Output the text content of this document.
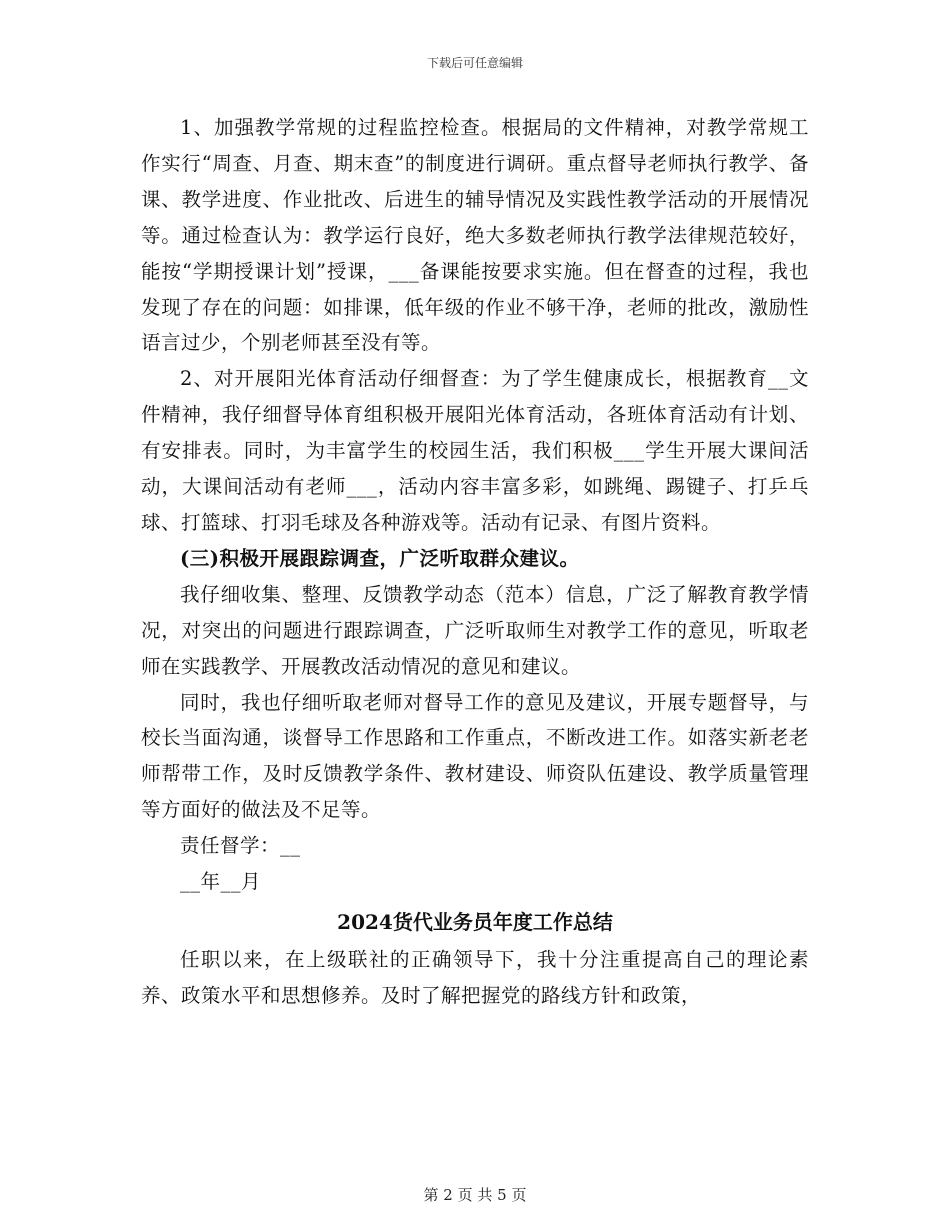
下载后可任意编辑

1、加强教学常规的过程监控检查。根据局的文件精神，对教学常规工作实行“周查、月查、期末查”的制度进行调研。重点督导老师执行教学、备课、教学进度、作业批改、后进生的辅导情况及实践性教学活动的开展情况等。通过检查认为：教学运行良好，绝大多数老师执行教学法律规范较好，能按“学期授课计划”授课，___备课能按要求实施。但在督查的过程，我也发现了存在的问题：如排课，低年级的作业不够干净，老师的批改，激励性语言过少，个别老师甚至没有等。

2、对开展阳光体育活动仔细督查：为了学生健康成长，根据教育__文件精神，我仔细督导体育组积极开展阳光体育活动，各班体育活动有计划、有安排表。同时，为丰富学生的校园生活，我们积极___学生开展大课间活动，大课间活动有老师___，活动内容丰富多彩，如跳绳、踢键子、打乒乓球、打篮球、打羽毛球及各种游戏等。活动有记录、有图片资料。

(三)积极开展跟踪调查，广泛听取群众建议。

我仔细收集、整理、反馈教学动态（范本）信息，广泛了解教育教学情况，对突出的问题进行跟踪调查，广泛听取师生对教学工作的意见，听取老师在实践教学、开展教改活动情况的意见和建议。

同时，我也仔细听取老师对督导工作的意见及建议，开展专题督导，与校长当面沟通，谈督导工作思路和工作重点，不断改进工作。如落实新老老师帮带工作，及时反馈教学条件、教材建设、师资队伍建设、教学质量管理等方面好的做法及不足等。

责任督学：__

__年__月

2024货代业务员年度工作总结

任职以来，在上级联社的正确领导下，我十分注重提高自己的理论素养、政策水平和思想修养。及时了解把握党的路线方针和政策，

第 2 页 共 5 页
